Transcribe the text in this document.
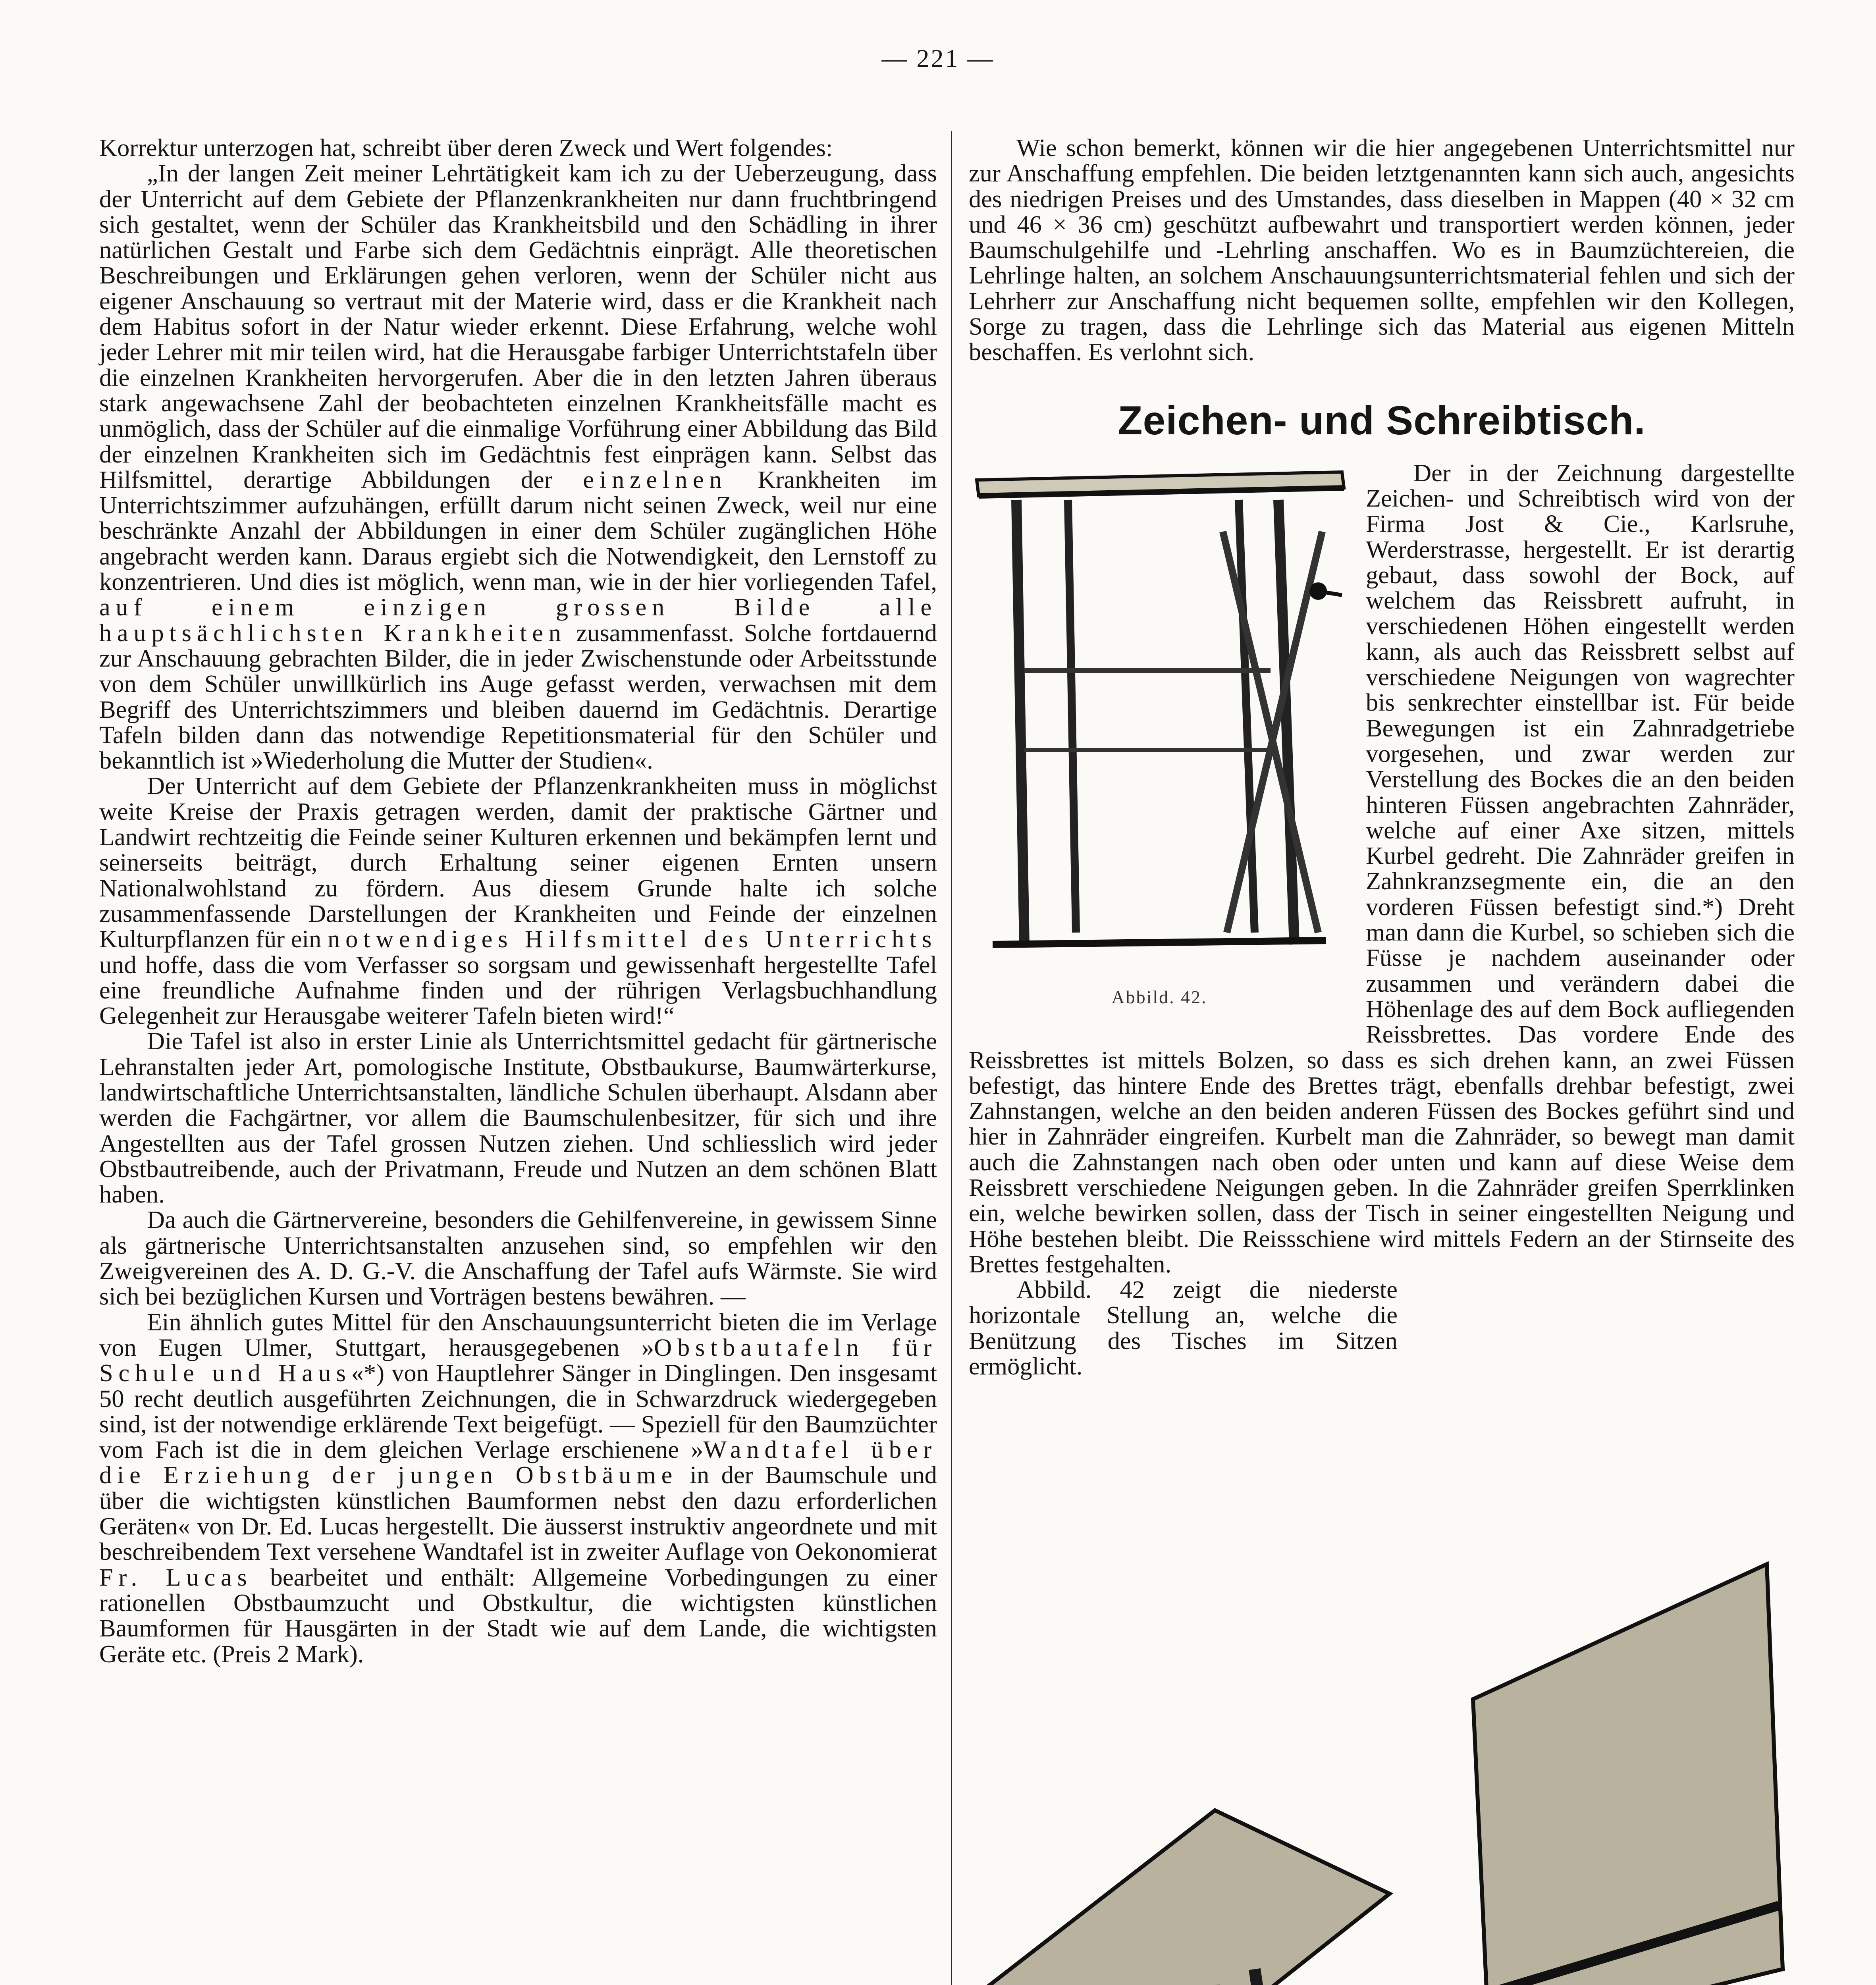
— 221 —

Korrektur unterzogen hat, schreibt über deren Zweck und Wert folgendes:

„In der langen Zeit meiner Lehrtätigkeit kam ich zu der Ueberzeugung, dass der Unterricht auf dem Gebiete der Pflanzenkrankheiten nur dann fruchtbringend sich gestaltet, wenn der Schüler das Krankheitsbild und den Schädling in ihrer natürlichen Gestalt und Farbe sich dem Gedächtnis einprägt. Alle theoretischen Beschreibungen und Erklärungen gehen verloren, wenn der Schüler nicht aus eigener Anschauung so vertraut mit der Materie wird, dass er die Krankheit nach dem Habitus sofort in der Natur wieder erkennt. Diese Erfahrung, welche wohl jeder Lehrer mit mir teilen wird, hat die Herausgabe farbiger Unterrichtstafeln über die einzelnen Krankheiten hervorgerufen. Aber die in den letzten Jahren überaus stark angewachsene Zahl der beobachteten einzelnen Krankheitsfälle macht es unmöglich, dass der Schüler auf die einmalige Vorführung einer Abbildung das Bild der einzelnen Krankheiten sich im Gedächtnis fest einprägen kann. Selbst das Hilfsmittel, derartige Abbildungen der einzelnen Krankheiten im Unterrichtszimmer aufzuhängen, erfüllt darum nicht seinen Zweck, weil nur eine beschränkte Anzahl der Abbildungen in einer dem Schüler zugänglichen Höhe angebracht werden kann. Daraus ergiebt sich die Notwendigkeit, den Lernstoff zu konzentrieren. Und dies ist möglich, wenn man, wie in der hier vorliegenden Tafel, auf einem einzigen grossen Bilde alle hauptsächlichsten Krankheiten zusammenfasst. Solche fortdauernd zur Anschauung gebrachten Bilder, die in jeder Zwischenstunde oder Arbeitsstunde von dem Schüler unwillkürlich ins Auge gefasst werden, verwachsen mit dem Begriff des Unterrichtszimmers und bleiben dauernd im Gedächtnis. Derartige Tafeln bilden dann das notwendige Repetitionsmaterial für den Schüler und bekanntlich ist »Wiederholung die Mutter der Studien«.

Der Unterricht auf dem Gebiete der Pflanzenkrankheiten muss in möglichst weite Kreise der Praxis getragen werden, damit der praktische Gärtner und Landwirt rechtzeitig die Feinde seiner Kulturen erkennen und bekämpfen lernt und seinerseits beiträgt, durch Erhaltung seiner eigenen Ernten unsern Nationalwohlstand zu fördern. Aus diesem Grunde halte ich solche zusammenfassende Darstellungen der Krankheiten und Feinde der einzelnen Kulturpflanzen für ein notwendiges Hilfsmittel des Unterrichts und hoffe, dass die vom Verfasser so sorgsam und gewissenhaft hergestellte Tafel eine freundliche Aufnahme finden und der rührigen Verlagsbuchhandlung Gelegenheit zur Herausgabe weiterer Tafeln bieten wird!“

Die Tafel ist also in erster Linie als Unterrichtsmittel gedacht für gärtnerische Lehranstalten jeder Art, pomologische Institute, Obstbaukurse, Baumwärterkurse, landwirtschaftliche Unterrichtsanstalten, ländliche Schulen überhaupt. Alsdann aber werden die Fachgärtner, vor allem die Baumschulenbesitzer, für sich und ihre Angestellten aus der Tafel grossen Nutzen ziehen. Und schliesslich wird jeder Obstbautreibende, auch der Privatmann, Freude und Nutzen an dem schönen Blatt haben.

Da auch die Gärtnervereine, besonders die Gehilfenvereine, in gewissem Sinne als gärtnerische Unterrichtsanstalten anzusehen sind, so empfehlen wir den Zweigvereinen des A. D. G.-V. die Anschaffung der Tafel aufs Wärmste. Sie wird sich bei bezüglichen Kursen und Vorträgen bestens bewähren. —

Ein ähnlich gutes Mittel für den Anschauungsunterricht bieten die im Verlage von Eugen Ulmer, Stuttgart, herausgegebenen »Obstbautafeln für Schule und Haus«*) von Hauptlehrer Sänger in Dinglingen. Den insgesamt 50 recht deutlich ausgeführten Zeichnungen, die in Schwarzdruck wiedergegeben sind, ist der notwendige erklärende Text beigefügt. — Speziell für den Baumzüchter vom Fach ist die in dem gleichen Verlage erschienene »Wandtafel über die Erziehung der jungen Obstbäume in der Baumschule und über die wichtigsten künstlichen Baumformen nebst den dazu erforderlichen Geräten« von Dr. Ed. Lucas hergestellt. Die äusserst instruktiv angeordnete und mit beschreibendem Text versehene Wandtafel ist in zweiter Auflage von Oekonomierat Fr. Lucas bearbeitet und enthält: Allgemeine Vorbedingungen zu einer rationellen Obstbaumzucht und Obstkultur, die wichtigsten künstlichen Baumformen für Hausgärten in der Stadt wie auf dem Lande, die wichtigsten Geräte etc. (Preis 2 Mark).

Wie schon bemerkt, können wir die hier angegebenen Unterrichtsmittel nur zur Anschaffung empfehlen. Die beiden letztgenannten kann sich auch, angesichts des niedrigen Preises und des Umstandes, dass dieselben in Mappen (40 × 32 cm und 46 × 36 cm) geschützt aufbewahrt und transportiert werden können, jeder Baumschulgehilfe und -Lehrling anschaffen. Wo es in Baumzüchtereien, die Lehrlinge halten, an solchem Anschauungsunterrichtsmaterial fehlen und sich der Lehrherr zur Anschaffung nicht bequemen sollte, empfehlen wir den Kollegen, Sorge zu tragen, dass die Lehrlinge sich das Material aus eigenen Mitteln beschaffen. Es verlohnt sich.

Zeichen- und Schreibtisch.
Abbild. 42.

Der in der Zeichnung dargestellte Zeichen- und Schreibtisch wird von der Firma Jost & Cie., Karlsruhe, Werderstrasse, hergestellt. Er ist derartig gebaut, dass sowohl der Bock, auf welchem das Reissbrett aufruht, in verschiedenen Höhen eingestellt werden kann, als auch das Reissbrett selbst auf verschiedene Neigungen von wagrechter bis senkrechter einstellbar ist. Für beide Bewegungen ist ein Zahnradgetriebe vorgesehen, und zwar werden zur Verstellung des Bockes die an den beiden hinteren Füssen angebrachten Zahnräder, welche auf einer Axe sitzen, mittels Kurbel gedreht. Die Zahnräder greifen in Zahnkranzsegmente ein, die an den vorderen Füssen befestigt sind.*) Dreht man dann die Kurbel, so schieben sich die Füsse je nachdem auseinander oder zusammen und verändern dabei die Höhenlage des auf dem Bock aufliegenden Reissbrettes. Das vordere Ende des Reissbrettes ist mittels Bolzen, so dass es sich drehen kann, an zwei Füssen befestigt, das hintere Ende des Brettes trägt, ebenfalls drehbar befestigt, zwei Zahnstangen, welche an den beiden anderen Füssen des Bockes geführt sind und hier in Zahnräder eingreifen. Kurbelt man die Zahnräder, so bewegt man damit auch die Zahnstangen nach oben oder unten und kann auf diese Weise dem Reissbrett verschiedene Neigungen geben. In die Zahnräder greifen Sperrklinken ein, welche bewirken sollen, dass der Tisch in seiner eingestellten Neigung und Höhe bestehen bleibt. Die Reissschiene wird mittels Federn an der Stirnseite des Brettes festgehalten.

Abbild. 42 zeigt die niederste horizontale Stellung an, welche die Benützung des Tisches im Sitzen ermöglicht.
